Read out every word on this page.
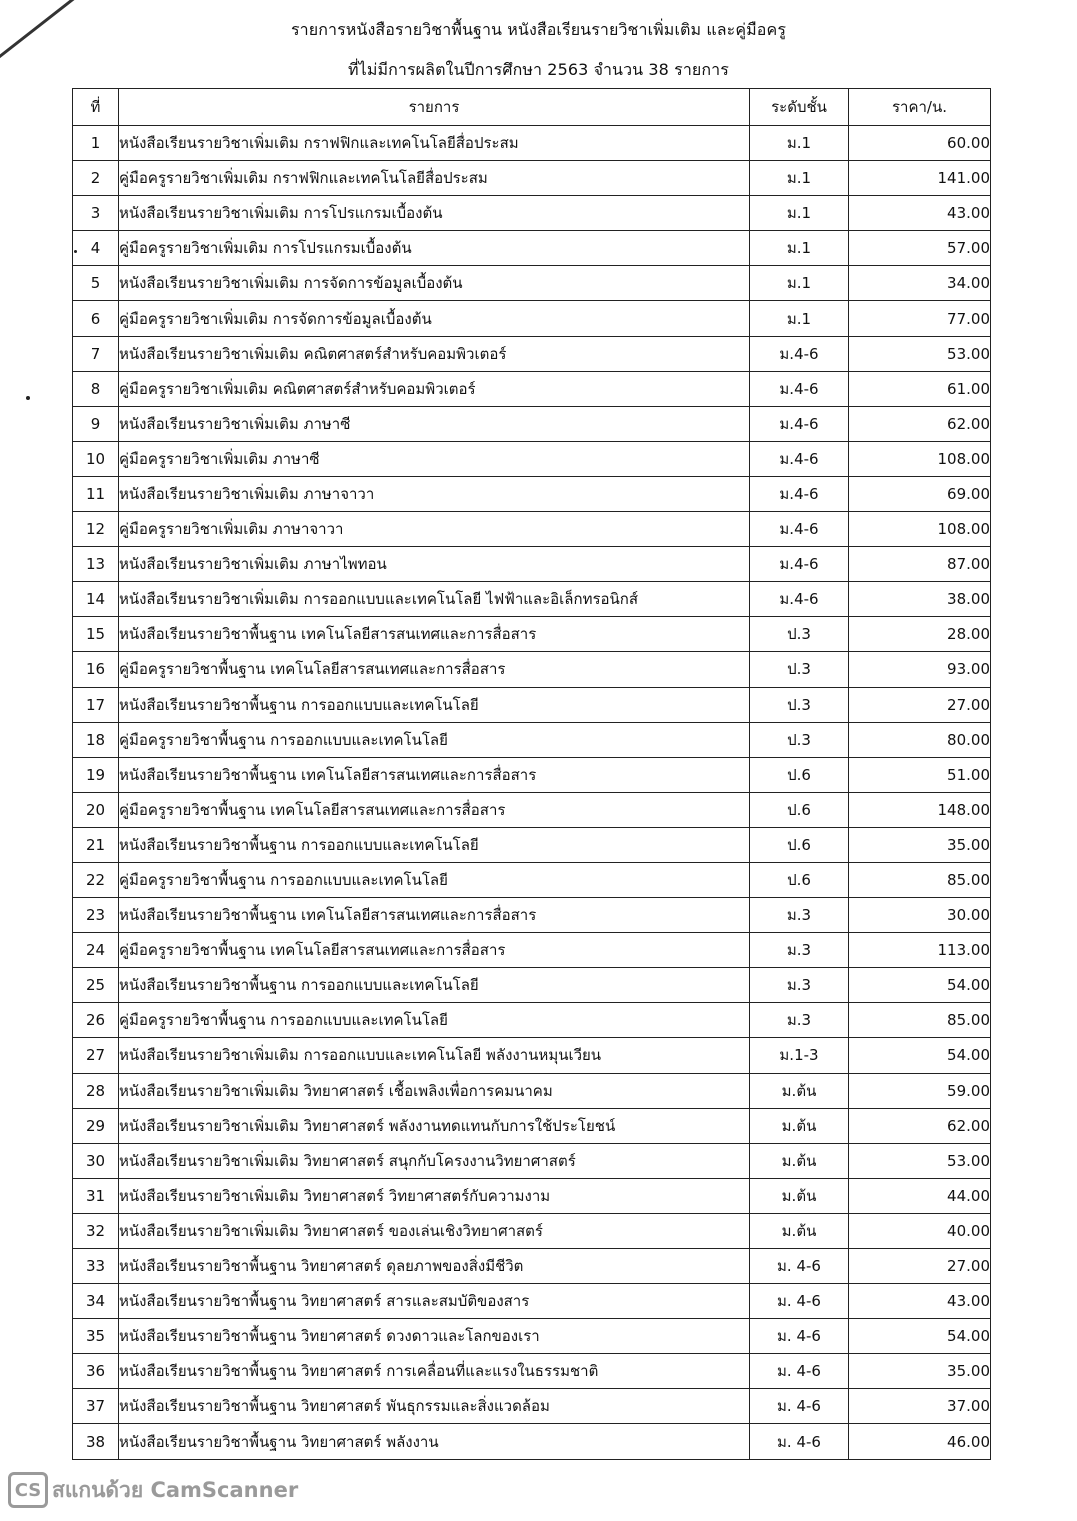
รายการหนังสือรายวิชาพื้นฐาน หนังสือเรียนรายวิชาเพิ่มเติม และคู่มือครู
ที่ไม่มีการผลิตในปีการศึกษา 2563 จำนวน 38 รายการ
ที่	รายการ	ระดับชั้น	ราคา/น.
1	หนังสือเรียนรายวิชาเพิ่มเติม กราฟฟิกและเทคโนโลยีสื่อประสม	ม.1	60.00
2	คู่มือครูรายวิชาเพิ่มเติม กราฟฟิกและเทคโนโลยีสื่อประสม	ม.1	141.00
3	หนังสือเรียนรายวิชาเพิ่มเติม การโปรแกรมเบื้องต้น	ม.1	43.00
4	คู่มือครูรายวิชาเพิ่มเติม การโปรแกรมเบื้องต้น	ม.1	57.00
5	หนังสือเรียนรายวิชาเพิ่มเติม การจัดการข้อมูลเบื้องต้น	ม.1	34.00
6	คู่มือครูรายวิชาเพิ่มเติม การจัดการข้อมูลเบื้องต้น	ม.1	77.00
7	หนังสือเรียนรายวิชาเพิ่มเติม คณิตศาสตร์สำหรับคอมพิวเตอร์	ม.4-6	53.00
8	คู่มือครูรายวิชาเพิ่มเติม คณิตศาสตร์สำหรับคอมพิวเตอร์	ม.4-6	61.00
9	หนังสือเรียนรายวิชาเพิ่มเติม ภาษาซี	ม.4-6	62.00
10	คู่มือครูรายวิชาเพิ่มเติม ภาษาซี	ม.4-6	108.00
11	หนังสือเรียนรายวิชาเพิ่มเติม ภาษาจาวา	ม.4-6	69.00
12	คู่มือครูรายวิชาเพิ่มเติม ภาษาจาวา	ม.4-6	108.00
13	หนังสือเรียนรายวิชาเพิ่มเติม ภาษาไพทอน	ม.4-6	87.00
14	หนังสือเรียนรายวิชาเพิ่มเติม การออกแบบและเทคโนโลยี ไฟฟ้าและอิเล็กทรอนิกส์	ม.4-6	38.00
15	หนังสือเรียนรายวิชาพื้นฐาน เทคโนโลยีสารสนเทศและการสื่อสาร	ป.3	28.00
16	คู่มือครูรายวิชาพื้นฐาน เทคโนโลยีสารสนเทศและการสื่อสาร	ป.3	93.00
17	หนังสือเรียนรายวิชาพื้นฐาน การออกแบบและเทคโนโลยี	ป.3	27.00
18	คู่มือครูรายวิชาพื้นฐาน การออกแบบและเทคโนโลยี	ป.3	80.00
19	หนังสือเรียนรายวิชาพื้นฐาน เทคโนโลยีสารสนเทศและการสื่อสาร	ป.6	51.00
20	คู่มือครูรายวิชาพื้นฐาน เทคโนโลยีสารสนเทศและการสื่อสาร	ป.6	148.00
21	หนังสือเรียนรายวิชาพื้นฐาน การออกแบบและเทคโนโลยี	ป.6	35.00
22	คู่มือครูรายวิชาพื้นฐาน การออกแบบและเทคโนโลยี	ป.6	85.00
23	หนังสือเรียนรายวิชาพื้นฐาน เทคโนโลยีสารสนเทศและการสื่อสาร	ม.3	30.00
24	คู่มือครูรายวิชาพื้นฐาน เทคโนโลยีสารสนเทศและการสื่อสาร	ม.3	113.00
25	หนังสือเรียนรายวิชาพื้นฐาน การออกแบบและเทคโนโลยี	ม.3	54.00
26	คู่มือครูรายวิชาพื้นฐาน การออกแบบและเทคโนโลยี	ม.3	85.00
27	หนังสือเรียนรายวิชาเพิ่มเติม การออกแบบและเทคโนโลยี พลังงานหมุนเวียน	ม.1-3	54.00
28	หนังสือเรียนรายวิชาเพิ่มเติม วิทยาศาสตร์ เชื้อเพลิงเพื่อการคมนาคม	ม.ต้น	59.00
29	หนังสือเรียนรายวิชาเพิ่มเติม วิทยาศาสตร์ พลังงานทดแทนกับการใช้ประโยชน์	ม.ต้น	62.00
30	หนังสือเรียนรายวิชาเพิ่มเติม วิทยาศาสตร์ สนุกกับโครงงานวิทยาศาสตร์	ม.ต้น	53.00
31	หนังสือเรียนรายวิชาเพิ่มเติม วิทยาศาสตร์ วิทยาศาสตร์กับความงาม	ม.ต้น	44.00
32	หนังสือเรียนรายวิชาเพิ่มเติม วิทยาศาสตร์ ของเล่นเชิงวิทยาศาสตร์	ม.ต้น	40.00
33	หนังสือเรียนรายวิชาพื้นฐาน วิทยาศาสตร์ ดุลยภาพของสิ่งมีชีวิต	ม. 4-6	27.00
34	หนังสือเรียนรายวิชาพื้นฐาน วิทยาศาสตร์ สารและสมบัติของสาร	ม. 4-6	43.00
35	หนังสือเรียนรายวิชาพื้นฐาน วิทยาศาสตร์ ดวงดาวและโลกของเรา	ม. 4-6	54.00
36	หนังสือเรียนรายวิชาพื้นฐาน วิทยาศาสตร์ การเคลื่อนที่และแรงในธรรมชาติ	ม. 4-6	35.00
37	หนังสือเรียนรายวิชาพื้นฐาน วิทยาศาสตร์ พันธุกรรมและสิ่งแวดล้อม	ม. 4-6	37.00
38	หนังสือเรียนรายวิชาพื้นฐาน วิทยาศาสตร์ พลังงาน	ม. 4-6	46.00
CS สแกนด้วย CamScanner
